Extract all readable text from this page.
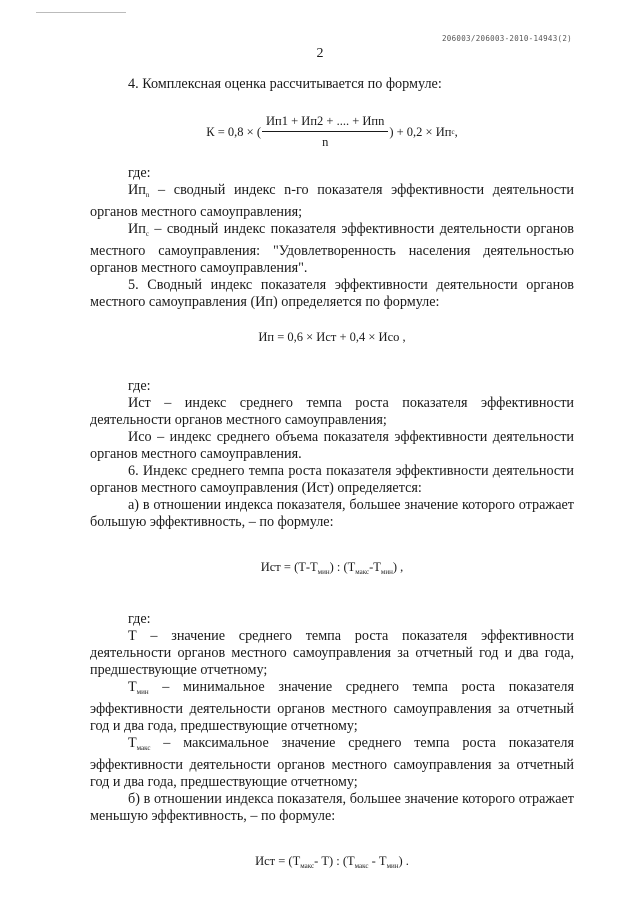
206003/206003-2010-14943(2)
2

4. Комплексная оценка рассчитывается по формуле:

К = 0,8 × ( $\frac{\text{Ип1 + Ип2 + .... + Ипn}}{n}$ ) + 0,2 × Ип с ,

где:

$Ип_n$ – сводный индекс n-го показателя эффективности деятельности органов местного самоуправления;

$Ип_с$ – сводный индекс показателя эффективности деятельности органов местного самоуправления: "Удовлетворенность населения деятельностью органов местного самоуправления".

5. Сводный индекс показателя эффективности деятельности органов местного самоуправления (Ип) определяется по формуле:

Ип = 0,6 × Ист + 0,4 × Исо ,

где:

Ист – индекс среднего темпа роста показателя эффективности деятельности органов местного самоуправления;

Исо – индекс среднего объема показателя эффективности деятельности органов местного самоуправления.

6. Индекс среднего темпа роста показателя эффективности деятельности органов местного самоуправления (Ист) определяется:

а) в отношении индекса показателя, большее значение которого отражает большую эффективность, – по формуле:

Ист = $(Т-Т_{мин})$ : $(Т_{макс}-Т_{мин})$ ,

где:

Т – значение среднего темпа роста показателя эффективности деятельности органов местного самоуправления за отчетный год и два года, предшествующие отчетному;

$Т_{мин}$ – минимальное значение среднего темпа роста показателя эффективности деятельности органов местного самоуправления за отчетный год и два года, предшествующие отчетному;

$Т_{макс}$ – максимальное значение среднего темпа роста показателя эффективности деятельности органов местного самоуправления за отчетный год и два года, предшествующие отчетному;

б) в отношении индекса показателя, большее значение которого отражает меньшую эффективность, – по формуле:

Ист = ($Т_{макс}-$ Т) : $(Т_{макс} - Т_{мин})$ .
